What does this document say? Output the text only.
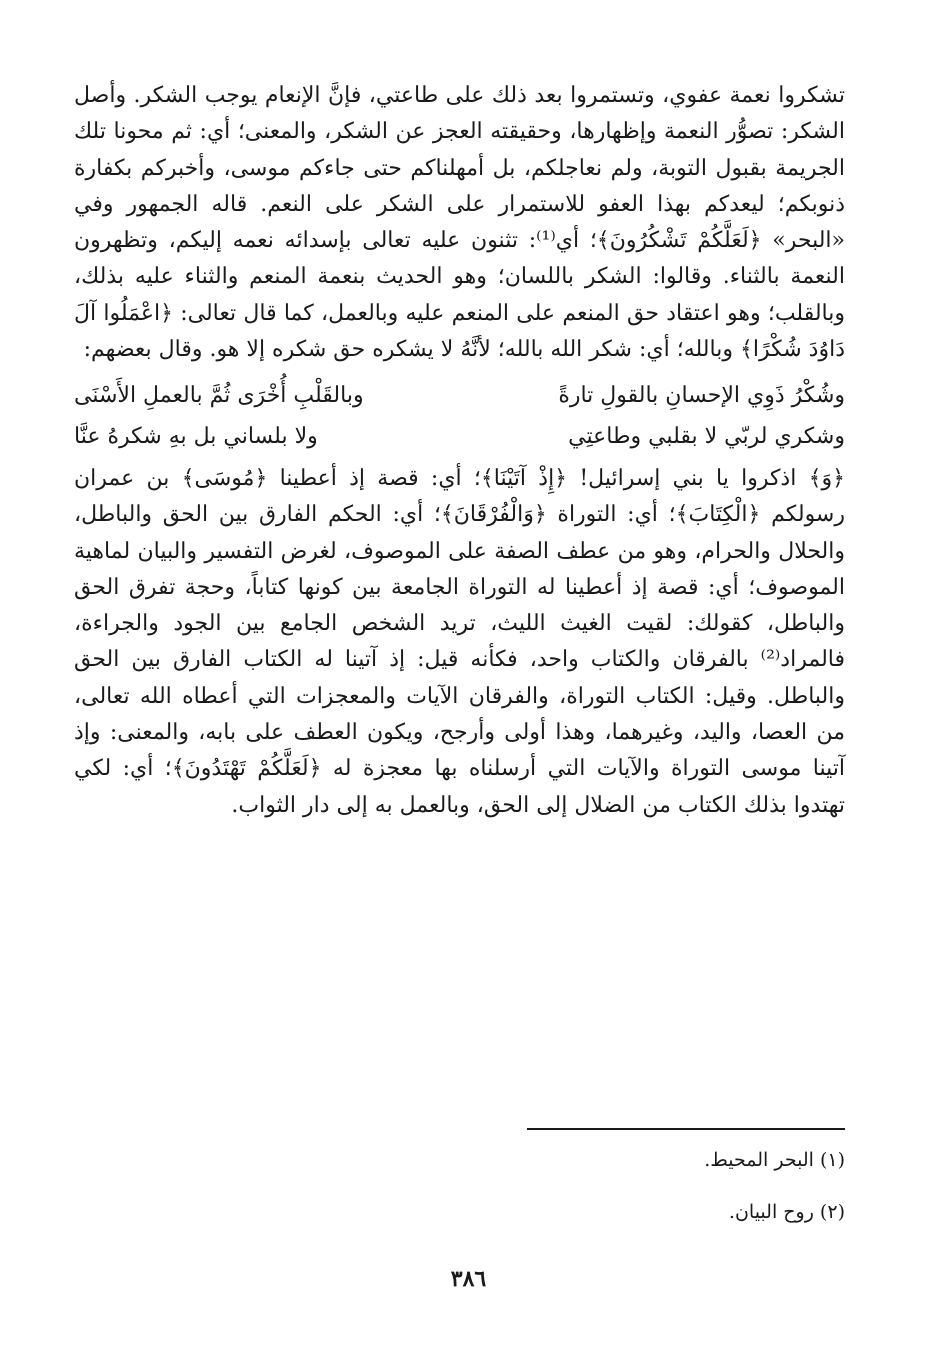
تشكروا نعمة عفوي، وتستمروا بعد ذلك على طاعتي، فإنَّ الإنعام يوجب الشكر. وأصل الشكر: تصوُّر النعمة وإظهارها، وحقيقته العجز عن الشكر، والمعنى؛ أي: ثم محونا تلك الجريمة بقبول التوبة، ولم نعاجلكم، بل أمهلناكم حتى جاءكم موسى، وأخبركم بكفارة ذنوبكم؛ ليعدكم بهذا العفو للاستمرار على الشكر على النعم. قاله الجمهور وفي «البحر» ﴿لَعَلَّكُمْ تَشْكُرُونَ﴾؛ أي⁽¹⁾: تثنون عليه تعالى بإسدائه نعمه إليكم، وتظهرون النعمة بالثناء. وقالوا: الشكر باللسان؛ وهو الحديث بنعمة المنعم والثناء عليه بذلك، وبالقلب؛ وهو اعتقاد حق المنعم على المنعم عليه وبالعمل، كما قال تعالى: ﴿اعْمَلُوا آلَ دَاوُدَ شُكْرًا﴾ وبالله؛ أي: شكر الله بالله؛ لأنَّهُ لا يشكره حق شكره إلا هو. وقال بعضهم:

وشُكْرُ ذَوِي الإحسانِ بالقولِ تارةً
وبالقَلْبِ أُخْرَى ثُمَّ بالعملِ الأَسْنَى
وشكري لربّي لا بقلبي وطاعتِي
ولا بلساني بل بهِ شكرهُ عنَّا

﴿وَ﴾ اذكروا يا بني إسرائيل! ﴿إِذْ آتَيْنَا﴾؛ أي: قصة إذ أعطينا ﴿مُوسَى﴾ بن عمران رسولكم ﴿الْكِتَابَ﴾؛ أي: التوراة ﴿وَالْفُرْقَانَ﴾؛ أي: الحكم الفارق بين الحق والباطل، والحلال والحرام، وهو من عطف الصفة على الموصوف، لغرض التفسير والبيان لماهية الموصوف؛ أي: قصة إذ أعطينا له التوراة الجامعة بين كونها كتاباً، وحجة تفرق الحق والباطل، كقولك: لقيت الغيث الليث، تريد الشخص الجامع بين الجود والجراءة، فالمراد⁽²⁾ بالفرقان والكتاب واحد، فكأنه قيل: إذ آتينا له الكتاب الفارق بين الحق والباطل. وقيل: الكتاب التوراة، والفرقان الآيات والمعجزات التي أعطاه الله تعالى، من العصا، واليد، وغيرهما، وهذا أولى وأرجح، ويكون العطف على بابه، والمعنى: وإذ آتينا موسى التوراة والآيات التي أرسلناه بها معجزة له ﴿لَعَلَّكُمْ تَهْتَدُونَ﴾؛ أي: لكي تهتدوا بذلك الكتاب من الضلال إلى الحق، وبالعمل به إلى دار الثواب.

(١) البحر المحيط.

(٢) روح البيان.

٣٨٦
